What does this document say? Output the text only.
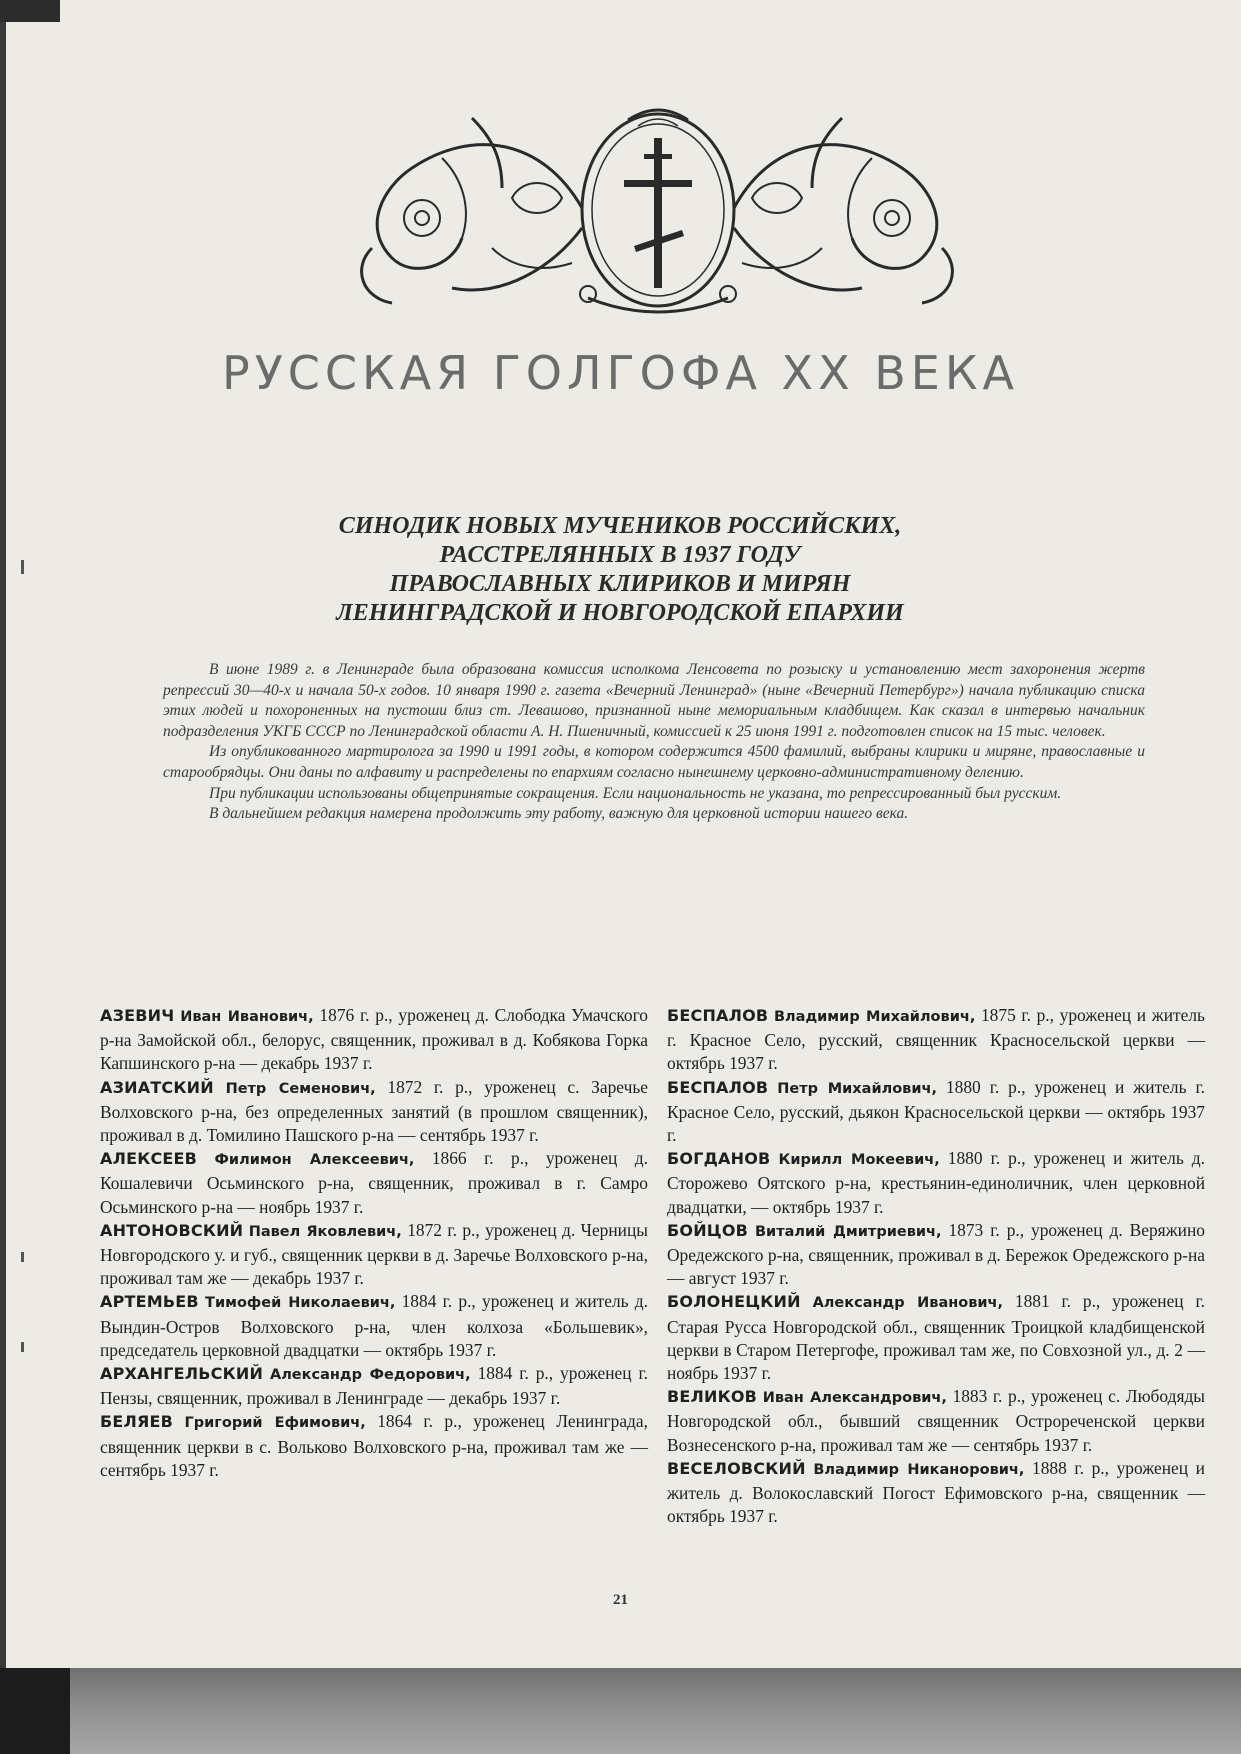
РУССКАЯ ГОЛГОФА XX ВЕКА
СИНОДИК НОВЫХ МУЧЕНИКОВ РОССИЙСКИХ,
РАССТРЕЛЯННЫХ В 1937 ГОДУ
ПРАВОСЛАВНЫХ КЛИРИКОВ И МИРЯН
ЛЕНИНГРАДСКОЙ И НОВГОРОДСКОЙ ЕПАРХИИ

В июне 1989 г. в Ленинграде была образована комиссия исполкома Ленсовета по розыску и установлению мест захоронения жертв репрессий 30—40-х и начала 50-х годов. 10 января 1990 г. газета «Вечерний Ленинград» (ныне «Вечерний Петербург») начала публикацию списка этих людей и похороненных на пустоши близ ст. Левашово, признанной ныне мемориальным кладбищем. Как сказал в интервью начальник подразделения УКГБ СССР по Ленинградской области А. Н. Пшеничный, комиссией к 25 июня 1991 г. подготовлен список на 15 тыс. человек.

Из опубликованного мартиролога за 1990 и 1991 годы, в котором содержится 4500 фамилий, выбраны клирики и миряне, православные и старообрядцы. Они даны по алфавиту и распределены по епархиям согласно нынешнему церковно-административному делению.

При публикации использованы общепринятые сокращения. Если национальность не указана, то репрессированный был русским.

В дальнейшем редакция намерена продолжить эту работу, важную для церковной истории нашего века.

АЗЕВИЧ Иван Иванович, 1876 г. р., уроженец д. Слободка Умачского р-на Замойской обл., белорус, священник, проживал в д. Кобякова Горка Капшинского р-на — декабрь 1937 г.

АЗИАТСКИЙ Петр Семенович, 1872 г. р., уроженец с. Заречье Волховского р-на, без определенных занятий (в прошлом священник), проживал в д. Томилино Пашского р-на — сентябрь 1937 г.

АЛЕКСЕЕВ Филимон Алексеевич, 1866 г. р., уроженец д. Кошалевичи Осьминского р-на, священник, проживал в г. Самро Осьминского р-на — ноябрь 1937 г.

АНТОНОВСКИЙ Павел Яковлевич, 1872 г. р., уроженец д. Черницы Новгородского у. и губ., священник церкви в д. Заречье Волховского р-на, проживал там же — декабрь 1937 г.

АРТЕМЬЕВ Тимофей Николаевич, 1884 г. р., уроженец и житель д. Вындин-Остров Волховского р-на, член колхоза «Большевик», председатель церковной двадцатки — октябрь 1937 г.

АРХАНГЕЛЬСКИЙ Александр Федорович, 1884 г. р., уроженец г. Пензы, священник, проживал в Ленинграде — декабрь 1937 г.

БЕЛЯЕВ Григорий Ефимович, 1864 г. р., уроженец Ленинграда, священник церкви в с. Вольково Волховского р-на, проживал там же — сентябрь 1937 г.

БЕСПАЛОВ Владимир Михайлович, 1875 г. р., уроженец и житель г. Красное Село, русский, священник Красносельской церкви — октябрь 1937 г.

БЕСПАЛОВ Петр Михайлович, 1880 г. р., уроженец и житель г. Красное Село, русский, дьякон Красносельской церкви — октябрь 1937 г.

БОГДАНОВ Кирилл Мокеевич, 1880 г. р., уроженец и житель д. Сторожево Оятского р-на, крестьянин-единоличник, член церковной двадцатки, — октябрь 1937 г.

БОЙЦОВ Виталий Дмитриевич, 1873 г. р., уроженец д. Веряжино Оредежского р-на, священник, проживал в д. Бережок Оредежского р-на — август 1937 г.

БОЛОНЕЦКИЙ Александр Иванович, 1881 г. р., уроженец г. Старая Русса Новгородской обл., священник Троицкой кладбищенской церкви в Старом Петергофе, проживал там же, по Совхозной ул., д. 2 — ноябрь 1937 г.

ВЕЛИКОВ Иван Александрович, 1883 г. р., уроженец с. Любодяды Новгородской обл., бывший священник Острореченской церкви Вознесенского р-на, проживал там же — сентябрь 1937 г.

ВЕСЕЛОВСКИЙ Владимир Никанорович, 1888 г. р., уроженец и житель д. Волокославский Погост Ефимовского р-на, священник — октябрь 1937 г.

21
